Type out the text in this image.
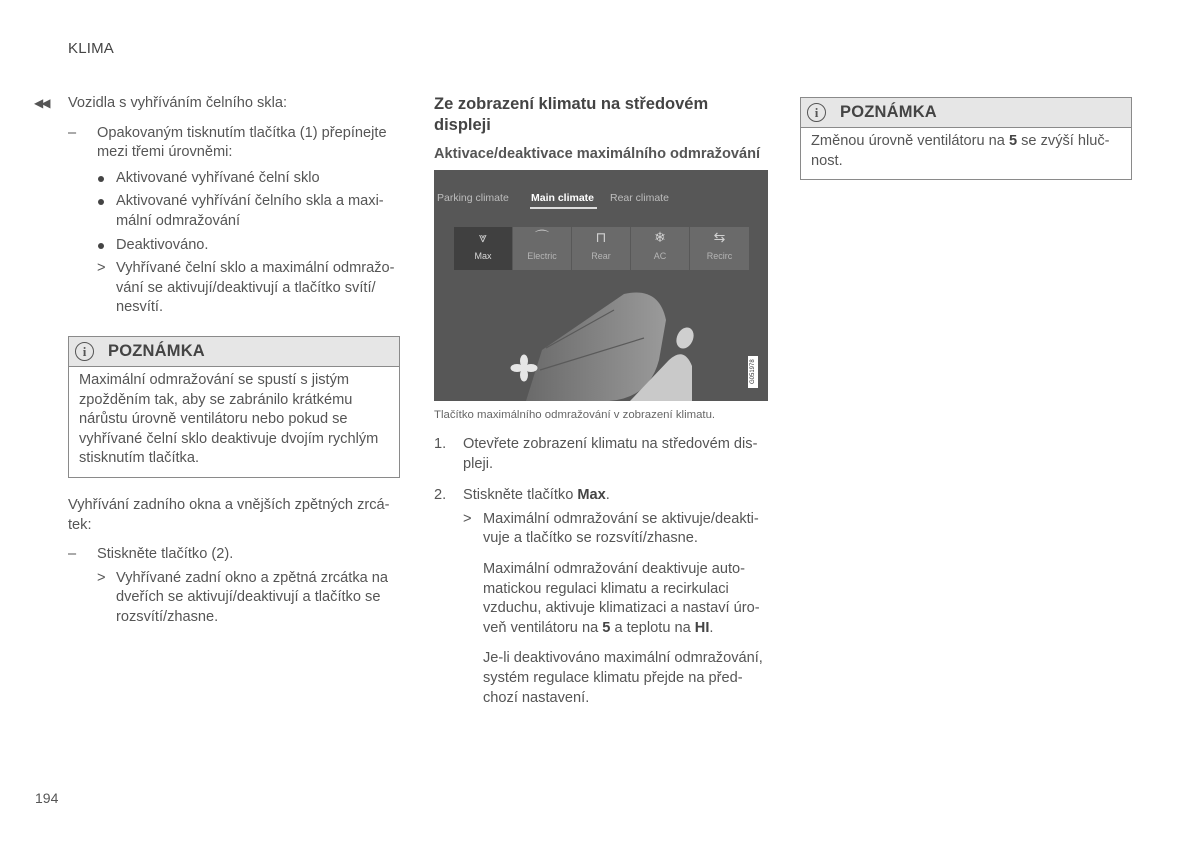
KLIMA
◀◀ Vozidla s vyhříváním čelního skla:
– Opakovaným tisknutím tlačítka (1) přepínejte mezi třemi úrovněmi:
Aktivované vyhřívané čelní sklo
Aktivované vyhřívání čelního skla a maxi-mální odmražování
Deaktivováno.
> Vyhřívané čelní sklo a maximální odmražo-vání se aktivují/deaktivují a tlačítko svítí/ nesvítí.
i	POZNÁMKA
Maximální odmražování se spustí s jistým zpožděním tak, aby se zabránilo krátkému nárůstu úrovně ventilátoru nebo pokud se vyhřívané čelní sklo deaktivuje dvojím rychlým stisknutím tlačítka.
Vyhřívání zadního okna a vnějších zpětných zrcá-tek:
– Stiskněte tlačítko (2).
> Vyhřívané zadní okno a zpětná zrcátka na dveřích se aktivují/deaktivují a tlačítko se rozsvítí/zhasne.
Ze zobrazení klimatu na středovém displeji
Aktivace/deaktivace maximálního odmražování
Parking climate Main climate Rear climate
⩔
Max
⌒
Electric
⊓
Rear
❄
AC
⇆
Recirc
G051978
Tlačítko maximálního odmražování v zobrazení klimatu.
1. Otevřete zobrazení klimatu na středovém dis-pleji.
2. Stiskněte tlačítko Max.
> Maximální odmražování se aktivuje/deakti-vuje a tlačítko se rozsvítí/zhasne.
Maximální odmražování deaktivuje auto-matickou regulaci klimatu a recirkulaci vzduchu, aktivuje klimatizaci a nastaví úro-veň ventilátoru na 5 a teplotu na HI.
Je-li deaktivováno maximální odmražování, systém regulace klimatu přejde na před-chozí nastavení.
i	POZNÁMKA
Změnou úrovně ventilátoru na 5 se zvýší hluč-nost.
194
